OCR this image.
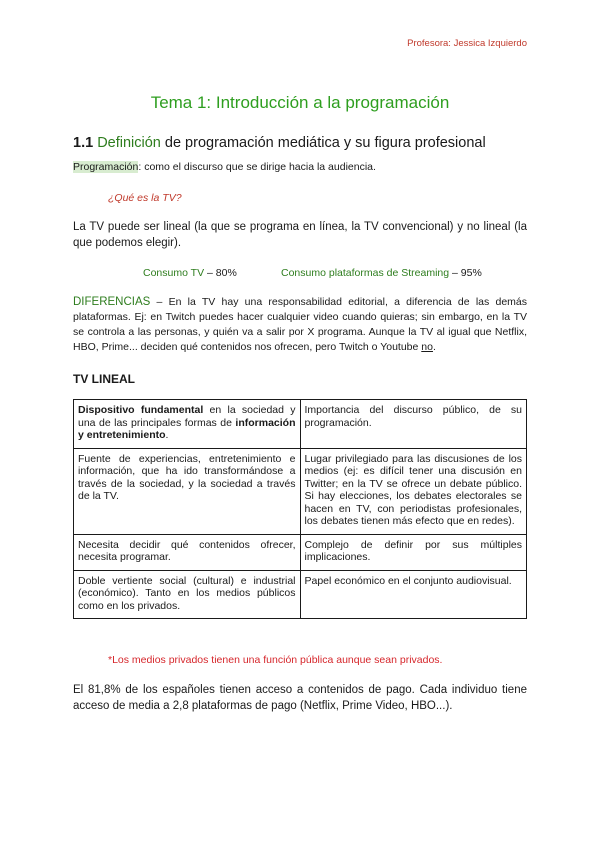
Profesora: Jessica Izquierdo
Tema 1: Introducción a la programación
1.1 Definición de programación mediática y su figura profesional
Programación: como el discurso que se dirige hacia la audiencia.
¿Qué es la TV?
La TV puede ser lineal (la que se programa en línea, la TV convencional) y no lineal (la que podemos elegir).
Consumo TV – 80%	Consumo plataformas de Streaming – 95%
DIFERENCIAS – En la TV hay una responsabilidad editorial, a diferencia de las demás plataformas. Ej: en Twitch puedes hacer cualquier video cuando quieras; sin embargo, en la TV se controla a las personas, y quién va a salir por X programa. Aunque la TV al igual que Netflix, HBO, Prime... deciden qué contenidos nos ofrecen, pero Twitch o Youtube no.
TV LINEAL
Dispositivo fundamental en la sociedad y una de las principales formas de información y entretenimiento.	Importancia del discurso público, de su programación.
Fuente de experiencias, entretenimiento e información, que ha ido transformándose a través de la sociedad, y la sociedad a través de la TV.	Lugar privilegiado para las discusiones de los medios (ej: es difícil tener una discusión en Twitter; en la TV se ofrece un debate público. Si hay elecciones, los debates electorales se hacen en TV, con periodistas profesionales, los debates tienen más efecto que en redes).
Necesita decidir qué contenidos ofrecer, necesita programar.	Complejo de definir por sus múltiples implicaciones.
Doble vertiente social (cultural) e industrial (económico). Tanto en los medios públicos como en los privados.	Papel económico en el conjunto audiovisual.
*Los medios privados tienen una función pública aunque sean privados.
El 81,8% de los españoles tienen acceso a contenidos de pago. Cada individuo tiene acceso de media a 2,8 plataformas de pago (Netflix, Prime Video, HBO...).
